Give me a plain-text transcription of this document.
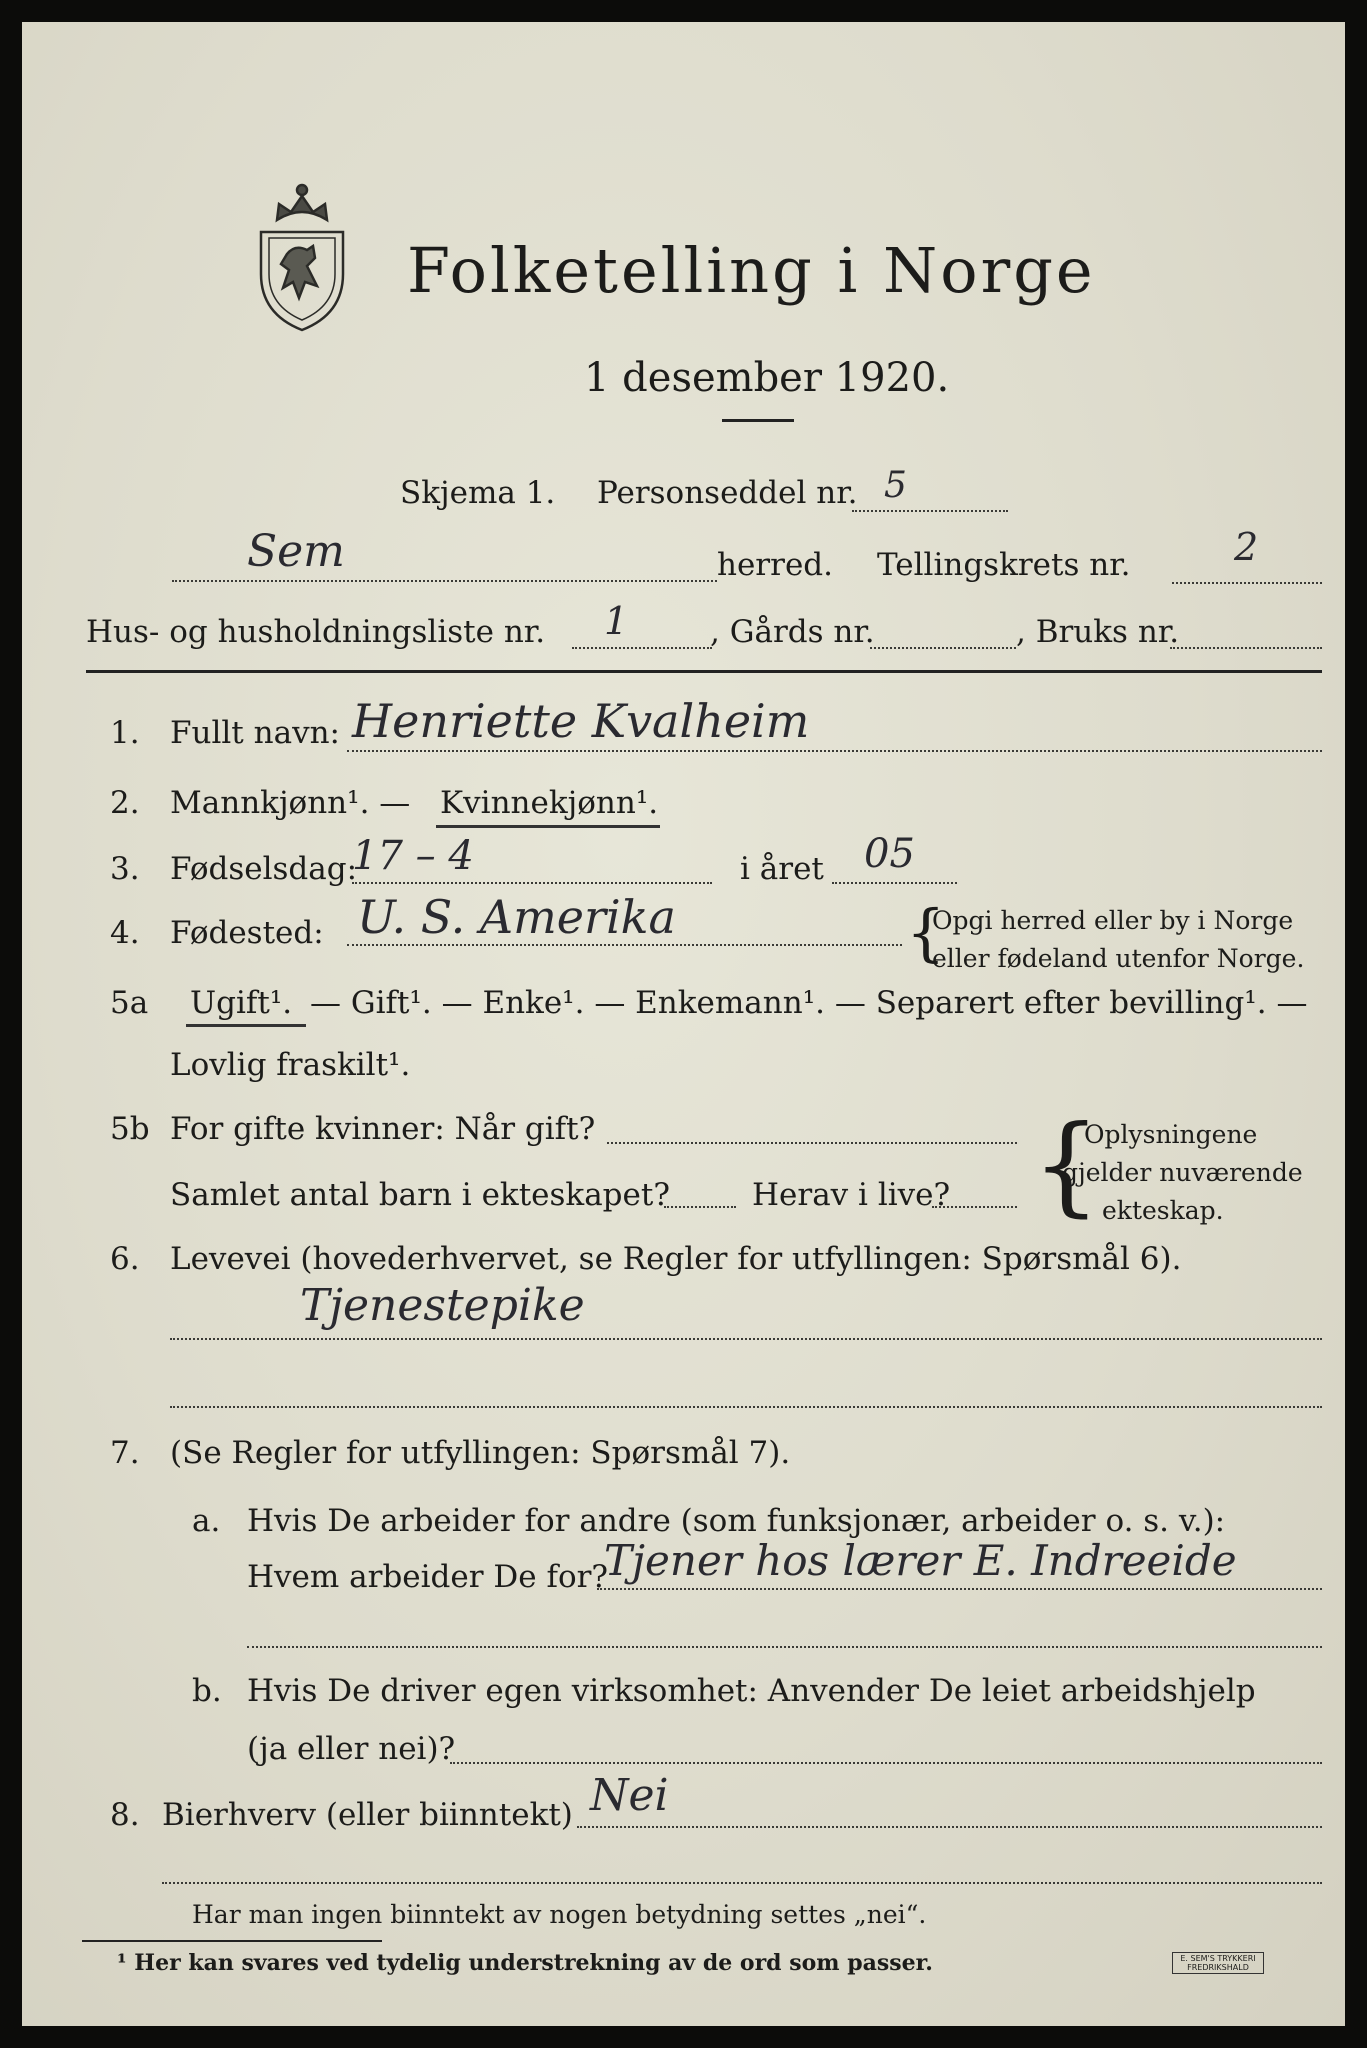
Folketelling i Norge
1 desember 1920.
Skjema 1. Personseddel nr. 5
Sem	herred. Tellingskrets nr.	2
Hus- og husholdningsliste nr. 1	, Gårds nr.	, Bruks nr.
1. Fullt navn: Henriette Kvalheim
2. Mannkjønn¹. — Kvinnekjønn¹.
3. Fødselsdag:
17 – 4	i året 05
4. Fødested: U. S. Amerika	{
Opgi herred eller by i Norge
eller fødeland utenfor Norge.
5a Ugift¹. — Gift¹. — Enke¹. — Enkemann¹. — Separert efter bevilling¹. —
Lovlig fraskilt¹.
5b For gifte kvinner: Når gift?
Samlet antal barn i ekteskapet?	Herav i live? {
Oplysningene
gjelder nuværende
ekteskap.
6. Levevei (hovederhvervet, se Regler for utfyllingen: Spørsmål 6).
Tjenestepike
7. (Se Regler for utfyllingen: Spørsmål 7).
a. Hvis De arbeider for andre (som funksjonær, arbeider o. s. v.):
Hvem arbeider De for?
Tjener hos lærer E. Indreeide
b. Hvis De driver egen virksomhet: Anvender De leiet arbeidshjelp
(ja eller nei)?
8. Bierhverv (eller biinntekt) Nei
Har man ingen biinntekt av nogen betydning settes „nei“.
¹ Her kan svares ved tydelig understrekning av de ord som passer.	E. SEM'S TRYKKERI FREDRIKSHALD
